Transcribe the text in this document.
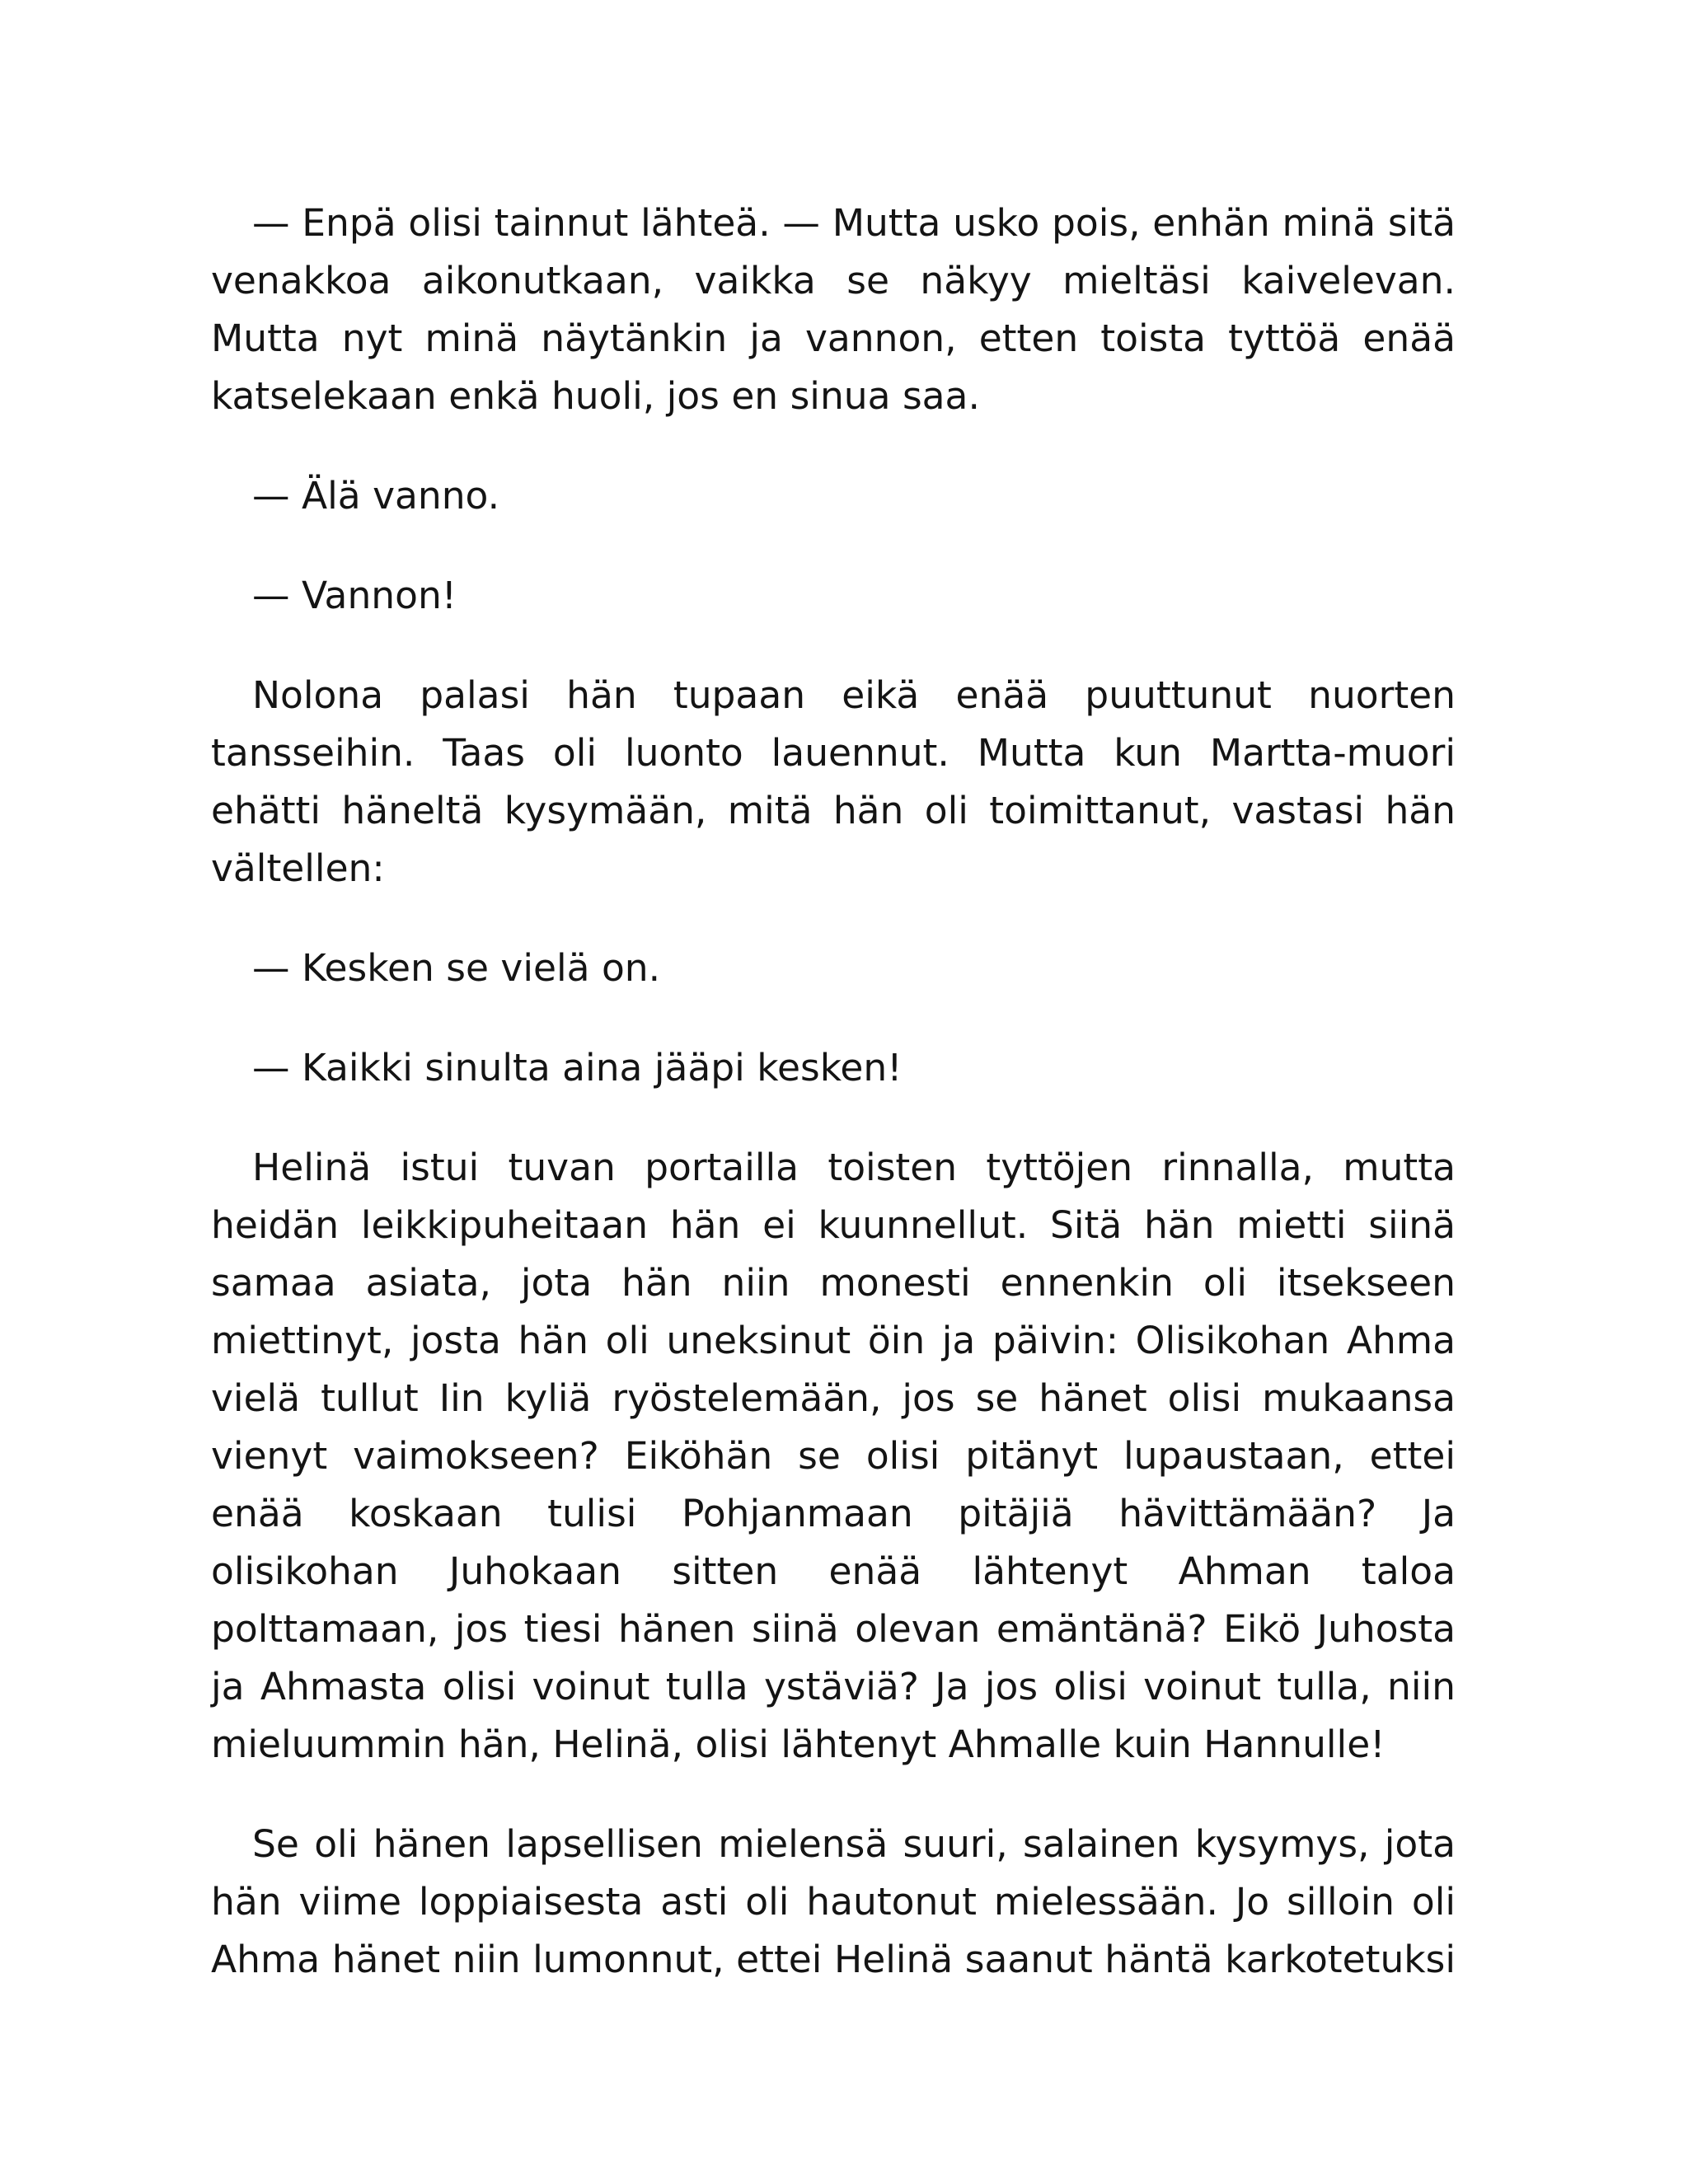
— Enpä olisi tainnut lähteä. — Mutta usko pois, enhän minä sitä venakkoa aikonutkaan, vaikka se näkyy mieltäsi kaivelevan. Mutta nyt minä näytänkin ja vannon, etten toista tyttöä enää katselekaan enkä huoli, jos en sinua saa.

— Älä vanno.

— Vannon!

Nolona palasi hän tupaan eikä enää puuttunut nuorten tansseihin. Taas oli luonto lauennut. Mutta kun Martta-muori ehätti häneltä kysymään, mitä hän oli toimittanut, vastasi hän vältellen:

— Kesken se vielä on.

— Kaikki sinulta aina jääpi kesken!

Helinä istui tuvan portailla toisten tyttöjen rinnalla, mutta heidän leikkipuheitaan hän ei kuunnellut. Sitä hän mietti siinä samaa asiata, jota hän niin monesti ennenkin oli itsekseen miettinyt, josta hän oli uneksinut öin ja päivin: Olisikohan Ahma vielä tullut Iin kyliä ryöstelemään, jos se hänet olisi mukaansa vienyt vaimokseen? Eiköhän se olisi pitänyt lupaustaan, ettei enää koskaan tulisi Pohjanmaan pitäjiä hävittämään? Ja olisikohan Juhokaan sitten enää lähtenyt Ahman taloa polttamaan, jos tiesi hänen siinä olevan emäntänä? Eikö Juhosta ja Ahmasta olisi voinut tulla ystäviä? Ja jos olisi voinut tulla, niin mieluummin hän, Helinä, olisi lähtenyt Ahmalle kuin Hannulle!

Se oli hänen lapsellisen mielensä suuri, salainen kysymys, jota hän viime loppiaisesta asti oli hautonut mielessään. Jo silloin oli Ahma hänet niin lumonnut, ettei Helinä saanut häntä karkotetuksi
